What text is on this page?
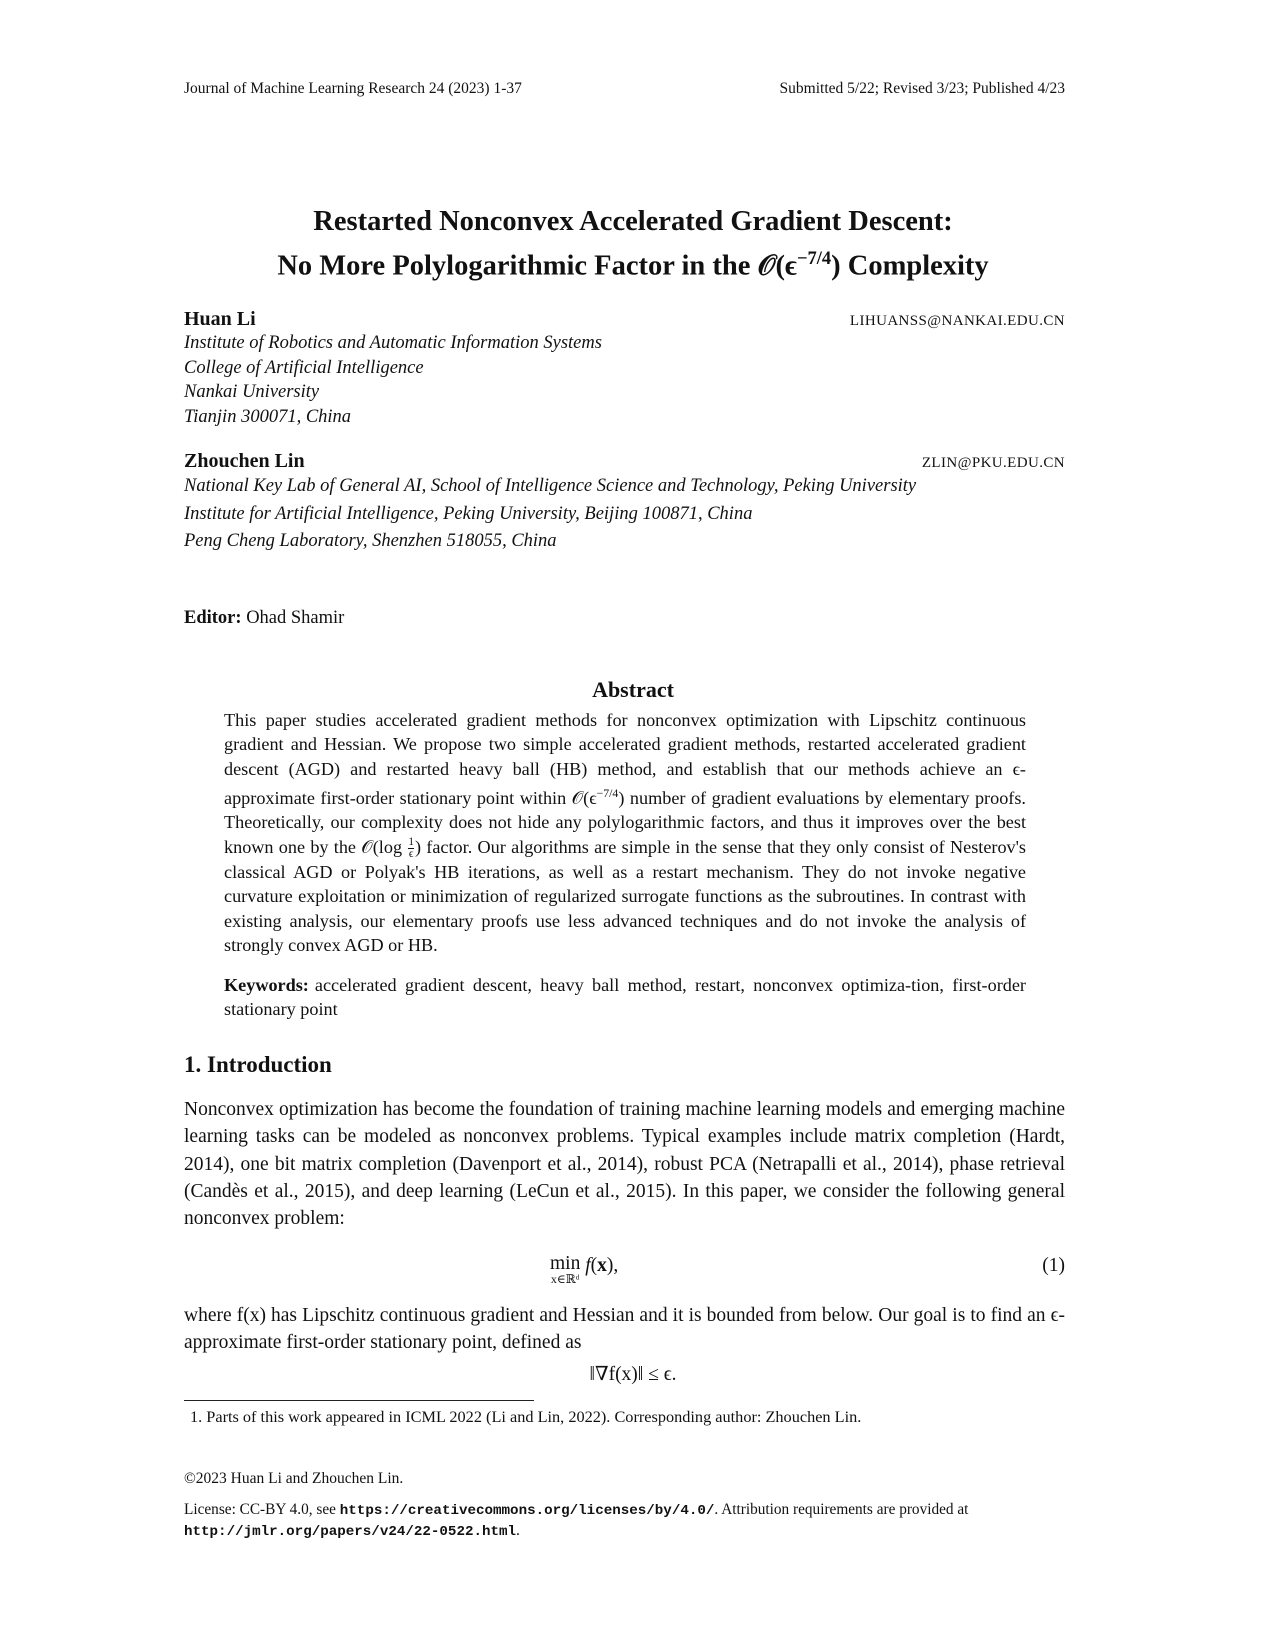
Journal of Machine Learning Research 24 (2023) 1-37	Submitted 5/22; Revised 3/23; Published 4/23
Restarted Nonconvex Accelerated Gradient Descent:
No More Polylogarithmic Factor in the $𝒪(\epsilon^{-7/4})$ Complexity
Huan Li	LIHUANSS@NANKAI.EDU.CN
Institute of Robotics and Automatic Information Systems
College of Artificial Intelligence
Nankai University
Tianjin 300071, China
Zhouchen Lin	ZLIN@PKU.EDU.CN
National Key Lab of General AI, School of Intelligence Science and Technology, Peking University
Institute for Artificial Intelligence, Peking University, Beijing 100871, China
Peng Cheng Laboratory, Shenzhen 518055, China
Editor: Ohad Shamir
Abstract
This paper studies accelerated gradient methods for nonconvex optimization with Lipschitz continuous gradient and Hessian. We propose two simple accelerated gradient methods, restarted accelerated gradient descent (AGD) and restarted heavy ball (HB) method, and establish that our methods achieve an ϵ-approximate first-order stationary point within $𝒪(\epsilon^{-7/4})$ number of gradient evaluations by elementary proofs. Theoretically, our complexity does not hide any polylogarithmic factors, and thus it improves over the best known one by the 𝒪(log $\frac{1}{\epsilon}$ ) factor. Our algorithms are simple in the sense that they only consist of Nesterov's classical AGD or Polyak's HB iterations, as well as a restart mechanism. They do not invoke negative curvature exploitation or minimization of regularized surrogate functions as the subroutines. In contrast with existing analysis, our elementary proofs use less advanced techniques and do not invoke the analysis of strongly convex AGD or HB.
Keywords: accelerated gradient descent, heavy ball method, restart, nonconvex optimiza-tion, first-order stationary point
1. Introduction
Nonconvex optimization has become the foundation of training machine learning models and emerging machine learning tasks can be modeled as nonconvex problems. Typical examples include matrix completion (Hardt, 2014), one bit matrix completion (Davenport et al., 2014), robust PCA (Netrapalli et al., 2014), phase retrieval (Candès et al., 2015), and deep learning (LeCun et al., 2015). In this paper, we consider the following general nonconvex problem:
min
x∈ℝᵈ
f(x),	(1)
where f(x) has Lipschitz continuous gradient and Hessian and it is bounded from below. Our goal is to find an ϵ-approximate first-order stationary point, defined as
‖∇f(x)‖ ≤ ϵ.
1. Parts of this work appeared in ICML 2022 (Li and Lin, 2022). Corresponding author: Zhouchen Lin.
©2023 Huan Li and Zhouchen Lin.
License: CC-BY 4.0, see https://creativecommons.org/licenses/by/4.0/. Attribution requirements are provided at http://jmlr.org/papers/v24/22-0522.html.
